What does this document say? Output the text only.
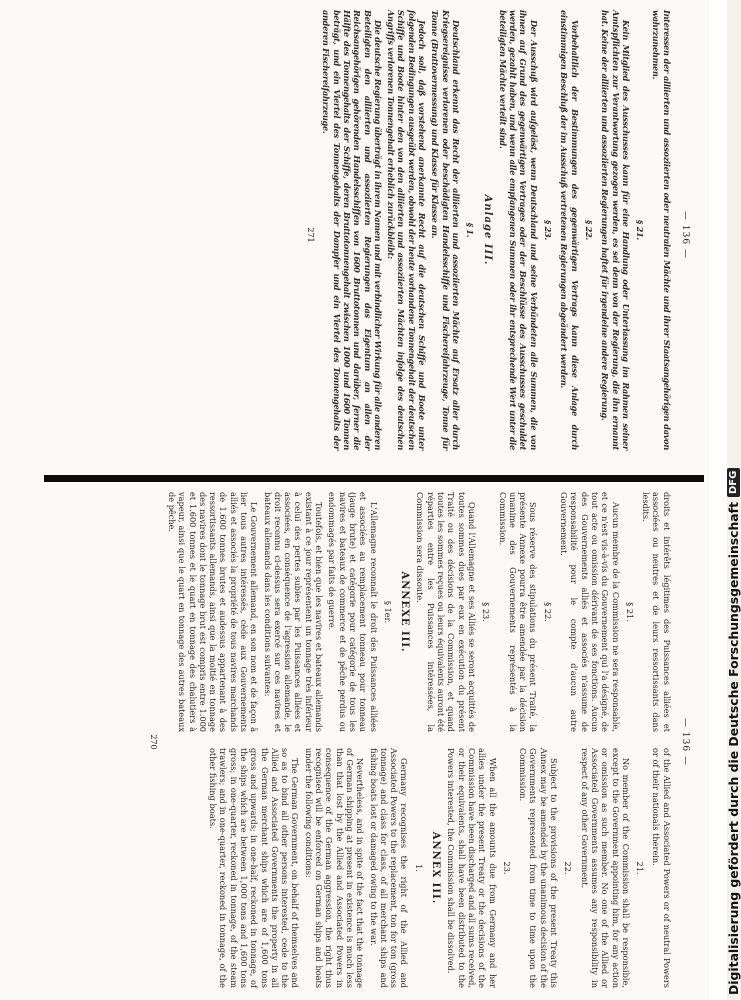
— 136 —

Interessen der alliierten und assoziierten oder neutralen Mächte und ihrer Staatsangehörigen davon wahrzunehmen.

§ 21.

Kein Mitglied des Ausschusses kann für eine Handlung oder Unterlassung im Rahmen seiner Amtspflichten zur Verantwortung gezogen werden, es sei denn von der Regierung, die ihn ernannt hat. Keine der alliierten und assoziierten Regierungen haftet für irgendeine andere Regierung.

§ 22.

Vorbehaltlich der Bestimmungen des gegenwärtigen Vertrags kann diese Anlage durch einstimmigen Beschluß der im Ausschuß vertretenen Regierungen abgeändert werden.

§ 23.

Der Ausschuß wird aufgelöst, wenn Deutschland und seine Verbündeten alle Summen, die von ihnen auf Grund des gegenwärtigen Vertrages oder der Beschlüsse des Ausschusses geschuldet werden, gezahlt haben, und wenn alle empfangenen Summen oder ihr entsprechende Wert unter die beteiligten Mächte verteilt sind.

Anlage III.
§ 1.

Deutschland erkennt das Recht der alliierten und assoziierten Mächte auf Ersatz aller durch Kriegsereignisse verlorenen oder beschädigten Handelsschiffe und Fischereifahrzeuge, Tonne für Tonne (Bruttovermessung) und Klasse für Klasse an.

Jedoch soll, daß vorstehend anerkannte Recht auf die deutschen Schiffe und Boote unter folgenden Bedingungen ausgeübt werden, obwohl der heute vorhandene Tonnengehalt der deutschen Schiffe und Boote hinter den von den alliierten und assoziierten Mächten infolge des deutschen Angriffs verlorenen Tonnengehalt erheblich zurückbleibt:

Die deutsche Regierung überträgt in ihrem Namen und mit verbindlicher Wirkung für alle anderen Beteiligten den alliierten und assoziierten Regierungen das Eigentum an allen der Reichsangehörigen gehörenden Handelsschiffen von 1600 Bruttotonnen und darüber, ferner die Hälfte des Tonnengehalts der Schiffe, deren Bruttotonnengehalt zwischen 1000 und 1600 Tonnen beträgt, und ein Viertel des Tonnengehalts der Dampfer und ein Viertel des Tonnengehalts der anderen Fischereifahrzeuge.

271
— 136 —

droits et intérêts légitimes des Puissances alliées et associées ou neutres et de leurs ressortissants dans lesdits.

§ 21.

Aucun membre de la Commission ne sera responsable, et ce n'est vis-à-vis du Gouvernement qui l'a désigné, de tout acte ou omission dérivant de ses fonctions. Aucun des Gouvernements alliés et associés n'assume de responsabilité pour le compte d'aucun autre Gouvernement.

§ 22.

Sous réserve des stipulations du présent Traité, la présente Annexe pourra être amendée par la décision unanime des Gouvernements représentés à la Commission.

§ 23.

Quand l'Allemagne et ses Alliés se seront acquittés de toutes sommes dues par eux en exécution du présent Traité ou des décisions de la Commission, et quand toutes les sommes reçues ou leurs équivalents auront été réparties entre les Puissances intéressées, la Commission sera dissoute.

ANNEXE III.
§ 1er.

L'Allemagne reconnaît le droit des Puissances alliées et associées au remplacement tonneau pour tonneau (jauge brute) et catégorie pour catégorie de tous les navires et bateaux de commerce et de pêche perdus ou endommagés par faits de guerre.

Toutefois, et bien que les navires et bateaux allemands existant à ce jour représentent un tonnage très inférieur à celui des pertes subies par les Puissances alliées et associées, en conséquence de l'agression allemande, le droit reconnu ci-dessus sera exercé sur ces navires et bateaux allemands dans les conditions suivantes:

Le Gouvernement allemand, en son nom et de façon à lier tous autres intéressés, cède aux Gouvernements alliés et associés la propriété de tous navires marchands de 1.600 tonnes brutes et audessus appartenant à des ressortissants allemands, ainsi que la moitié en tonnage des navires dont le tonnage brut est compris entre 1.000 et 1.600 tonnes et le quart en tonnage des chalutiers à vapeur, ainsi que le quart en tonnage des autres bateaux de pêche.

of the Allied and Associated Powers or of neutral Powers or of their nationals therein.

21.

No member of the Commission shall be responsible, except to the Government appointing him, for any action or omission as such member. No one of the Allied or Associated Governments assumes any responsibility in respect of any other Government.

22.

Subject to the provisions of the present Treaty this Annex may be amended by the unanimous decision of the Governments represented from time to time upon the Commission.

23.

When all the amounts due from Germany and her allies under the present Treaty or the decisions of the Commission have been discharged and all sums received, or their equivalents, shall have been distributed to the Powers interested, the Commission shall be dissolved.

ANNEX III.
1.

Germany recognises the right of the Allied and Associated Powers to the replacement, ton for ton (gross tonnage) and class for class, of all merchant ships and fishing boats lost or damaged owing to the war.

Nevertheless, and in spite of the fact that the tonnage of German shipping at present in existence is much less than that lost by the Allied and Associated Powers in consequence of the German aggression, the right thus recognised will be enforced on German ships and boats under the following conditions:

The German Government, on behalf of themselves and so as to bind all other persons interested, cede to the Allied and Associated Governments the property in all the German merchant ships which are of 1,600 tons gross and upwards; in one-half, reckoned in tonnage, of the ships which are between 1,000 tons and 1,600 tons gross; in one-quarter, reckoned in tonnage, of the steam trawlers; and in one-quarter, reckoned in tonnage, of the other fishing boats.

270	Digitalisierung gefördert durch die Deutsche Forschungsgemeinschaft
DFG
